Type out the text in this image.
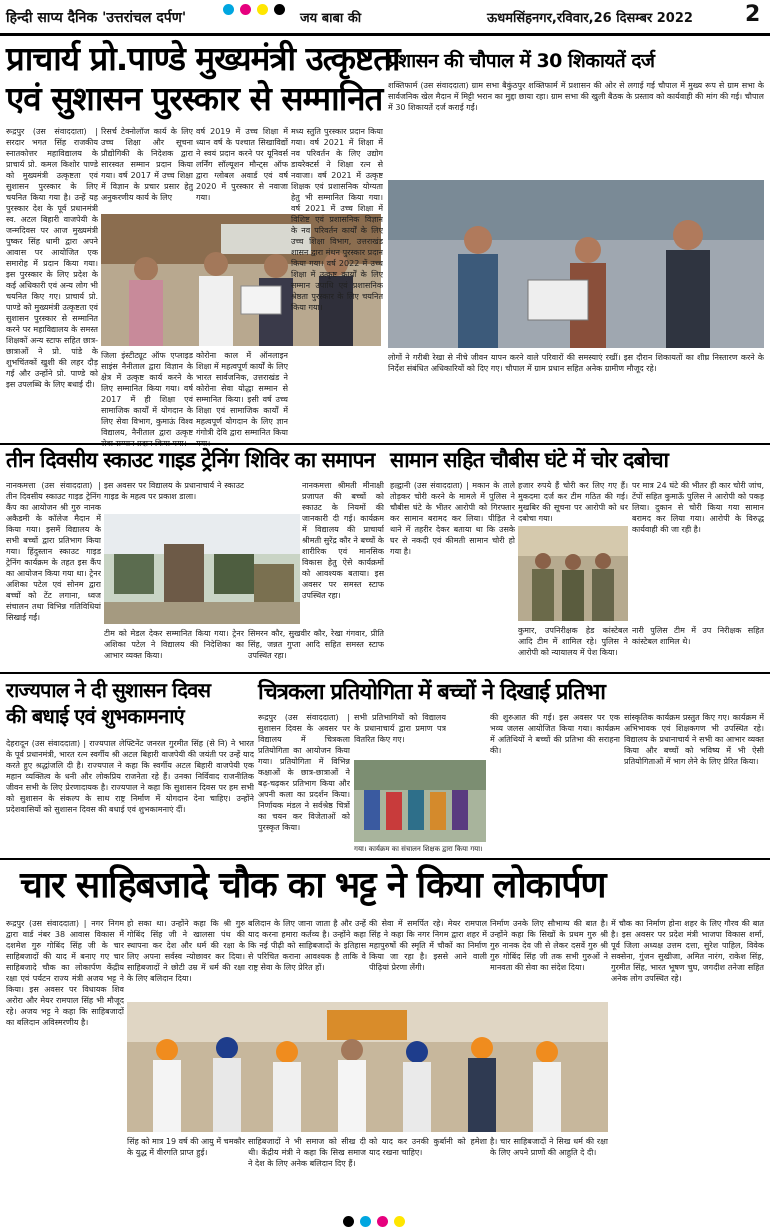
हिन्दी साप्य दैनिक 'उत्तरांचल दर्पण'	जय बाबा की	ऊधमसिंहनगर,रविवार,26 दिसम्बर 2022 2
प्राचार्य प्रो.पाण्डे मुख्यमंत्री उत्कृष्टता
एवं सुशासन पुरस्कार से सम्मानित
रूद्रपुर (उस संवाददाता) | सरदार भगत सिंह राजकीय स्नातकोत्तर महाविद्यालय के प्राचार्य प्रो. कमल किशोर पाण्डे को मुख्यमंत्री उत्कृष्टता एवं सुशासन पुरस्कार के लिए चयनित किया गया है। उन्हें यह पुरस्कार देश के पूर्व प्रधानमंत्री स्व. अटल बिहारी वाजपेयी के जन्मदिवस पर आज मुख्यमंत्री पुष्कर सिंह धामी द्वारा अपने आवास पर आयोजित एक समारोह में प्रदान किया गया। इस पुरस्कार के लिए प्रदेश के कई अधिकारी एवं अन्य लोग भी चयनित किए गए। प्राचार्य प्रो. पाण्डे को मुख्यमंत्री उत्कृष्टता एवं सुशासन पुरस्कार से सम्मानित करने पर महाविद्यालय के समस्त शिक्षकों अन्य स्टाफ सहित छात्र-छात्राओं ने प्रो. पांडे के शुभचिंतकों खुशी की लहर दौड़ गई और उन्होंने प्रो. पाण्डे को इस उपलब्धि के लिए बधाई दी।
रिसर्च टेक्नोलॉज कार्य के लिए उच्च शिक्षा और सूचना प्रौद्योगिकी के निदेशक द्वारा सारस्वत सम्मान प्रदान किया गया। वर्ष 2017 में उच्च शिक्षा में विज्ञान के प्रचार प्रसार हेतु अनुकरणीय कार्य के लिए
वर्ष 2019 में उच्च शिक्षा में ध्यान वर्ष के पश्चात सिखाविद्यों ने स्वयं प्रदान करने पर यूनिवर्स लर्निंग सॉल्यूशन मौन्ट्स ऑफ द्वारा ग्लोबल अवार्ड एवं वर्ष 2020 में पुरस्कार से नवाजा गया।
जिला इंस्टीट्यूट ऑफ एप्लाइड साइंस नैनीताल द्वारा विज्ञान के क्षेत्र में उत्कृष्ट कार्य करने के लिए सम्मानित किया गया। वर्ष 2017 में ही शिक्षा एवं सामाजिक कार्यों में योगदान के लिए सेवा विभाग, कुमाऊं विश्व विद्यालय, नैनीताल द्वारा उत्कृष्ट
कोरोना काल में ऑनलाइन शिक्षा में महत्वपूर्ण कार्यों के लिए भारत सार्वजनिक, उत्तराखंड ने कोरोना सेवा योद्धा सम्मान से सम्मानित किया। इसी वर्ष उच्च शिक्षा एवं सामाजिक कार्यों में महत्वपूर्ण योगदान के लिए ज्ञान गंगोत्री देवि द्वारा सम्मानित किया
मध्य स्तुति पुरस्कार प्रदान किया गया। वर्ष 2021 में शिक्षा में नव परिवर्तन के लिए उद्योग डायरेक्टर्स ने शिक्षा रत्न से नवाजा। वर्ष 2021 में उत्कृष्ट शिक्षक एवं प्रशासनिक योग्यता हेतु भी सम्मानित किया गया। वर्ष 2021 में उच्च शिक्षा में विशिष्ट एवं प्रशासनिक विज्ञान के नव परिवर्तन कार्यों के लिए उच्च शिक्षा विभाग, उत्तराखंड शासन द्वारा मंथन पुरस्कार प्रदान किया गया। वर्ष 2022 में उच्च शिक्षा में उत्कृष्ट कार्यों के लिए सम्मान उपाधि एवं प्रशासनिक श्रेष्ठता पुरस्कार के लिए चयनित किया गया।
प्रशासन की चौपाल में 30 शिकायतें दर्ज
शक्तिफार्म (उस संवाददाता) ग्राम सभा बैकुंठपुर शक्तिफार्म में प्रशासन की ओर से लगाई गई चौपाल में मुख्य रूप से ग्राम सभा के सार्वजनिक खेल मैदान में मिट्टी भरान का मुद्दा छाया रहा। ग्राम सभा की खुली बैठक के प्रस्ताव को कार्यवाही की मांग की गई। चौपाल में 30 शिकायतें दर्ज कराई गईं।
लोगों ने गरीबी रेखा से नीचे जीवन यापन करने वाले परिवारों की समस्याएं रखीं। इस दौरान शिकायतों का शीघ्र निस्तारण करने के निर्देश संबंधित अधिकारियों को दिए गए। चौपाल में ग्राम प्रधान सहित अनेक ग्रामीण मौजूद रहे।
तीन दिवसीय स्काउट गाइड ट्रेनिंग शिविर का समापन
नानकमत्ता (उस संवाददाता) | तीन दिवसीय स्काउट गाइड ट्रेनिंग कैंप का आयोजन श्री गुरु नानक अकैडमी के कॉलेज मैदान में किया गया। इसमें विद्यालय के सभी बच्चों द्वारा प्रतिभाग किया गया। हिंदुस्तान स्काउट गाइड ट्रेनिंग कार्यक्रम के तहत इस कैंप का आयोजन किया गया था। ट्रेनर अशिका पटेल एवं सोनम द्वारा बच्चों को टेंट लगाना, ध्वज संचालन तथा विभिन्न गतिविधियां सिखाई गईं।
इस अवसर पर विद्यालय के प्रधानाचार्य ने स्काउट गाइड के महत्व पर प्रकाश डाला।
टीम को मेडल देकर सम्मानित किया गया। ट्रेनर अशिका पटेल ने विद्यालय की निदेशिका का आभार व्यक्त किया।
नानकमत्ता श्रीमती मीनाक्षी प्रजापत की बच्चों को स्काउट के नियमों की जानकारी दी गई। कार्यक्रम में विद्यालय की प्राचार्या श्रीमती सुरेंद्र कौर ने बच्चों के शारीरिक एवं मानसिक विकास हेतु ऐसे कार्यक्रमों को आवश्यक बताया। इस अवसर पर समस्त स्टाफ उपस्थित रहा।
सिमरन कौर, सुखवीर कौर, रेखा गंगवार, प्रीति सिंह, जन्नत गुप्ता आदि सहित समस्त स्टाफ उपस्थित रहा।
सामान सहित चौबीस घंटे में चोर दबोचा
हल्द्वानी (उस संवाददाता) | मकान के ताले तोड़कर चोरी करने के मामले में पुलिस ने चौबीस घंटे के भीतर आरोपी को गिरफ्तार कर सामान बरामद कर लिया। पीड़ित ने थाने में तहरीर देकर बताया था कि उसके घर से नकदी एवं कीमती सामान चोरी हो गया है।
हजार रुपये हैं चोरी कर लिए गए हैं। मुकदमा दर्ज कर टीम गठित की गई। मुखबिर की सूचना पर आरोपी को धर दबोचा गया।
कुमार, उपनिरीक्षक हेड कांस्टेबल आदि टीम में शामिल रहे। पुलिस ने आरोपी को न्यायालय में पेश किया।
पर मात्र 24 घंटे की भीतर ही कार चोरी जांच, टेंपों सहित कुमाऊँ पुलिस ने आरोपी को पकड़ लिया। दुकान से चोरी किया गया सामान बरामद कर लिया गया। आरोपी के विरुद्ध कार्यवाही की जा रही है।
नारी पुलिस टीम में उप निरीक्षक सहित कांस्टेबल शामिल थे।
राज्यपाल ने दी सुशासन दिवस
की बधाई एवं शुभकामनाएं
देहरादून (उस संवाददाता) | राज्यपाल लेफ्टिनेंट जनरल गुरमीत सिंह (से नि) ने भारत के पूर्व प्रधानमंत्री, भारत रत्न स्वर्गीय श्री अटल बिहारी वाजपेयी की जयंती पर उन्हें याद करते हुए श्रद्धांजलि दी है। राज्यपाल ने कहा कि स्वर्गीय अटल बिहारी वाजपेयी एक महान व्यक्तित्व के धनी और लोकप्रिय राजनेता रहे हैं। उनका निर्विवाद राजनीतिक जीवन सभी के लिए प्रेरणादायक है। राज्यपाल ने कहा कि सुशासन दिवस पर हम सभी को सुशासन के संकल्प के साथ राष्ट्र निर्माण में योगदान देना चाहिए। उन्होंने प्रदेशवासियों को सुशासन दिवस की बधाई एवं शुभकामनाएं दीं।
चित्रकला प्रतियोगिता में बच्चों ने दिखाई प्रतिभा
रूद्रपुर (उस संवाददाता) | सुशासन दिवस के अवसर पर विद्यालय में चित्रकला प्रतियोगिता का आयोजन किया गया। प्रतियोगिता में विभिन्न कक्षाओं के छात्र-छात्राओं ने बढ़-चढ़कर प्रतिभाग किया और अपनी कला का प्रदर्शन किया। निर्णायक मंडल ने सर्वश्रेष्ठ चित्रों का चयन कर विजेताओं को पुरस्कृत किया।
सभी प्रतिभागियों को विद्यालय के प्रधानाचार्य द्वारा प्रमाण पत्र वितरित किए गए।
गया। कार्यक्रम का संचालन शिक्षक द्वारा किया गया।
की शुरुआत की गई। इस अवसर पर एक भव्य जलस आयोजित किया गया। कार्यक्रम में अतिथियों ने बच्चों की प्रतिभा की सराहना की।
सांस्कृतिक कार्यक्रम प्रस्तुत किए गए। कार्यक्रम में अभिभावक एवं शिक्षकगण भी उपस्थित रहे। विद्यालय के प्रधानाचार्य ने सभी का आभार व्यक्त किया और बच्चों को भविष्य में भी ऐसी प्रतियोगिताओं में भाग लेने के लिए प्रेरित किया।
चार साहिबजादे चौक का भट्ट ने किया लोकार्पण
रूद्रपुर (उस संवाददाता) | नगर निगम द्वारा वार्ड नंबर 38 आवास विकास में दशमेश गुरु गोबिंद सिंह जी के चार साहिबजादों की याद में बनाए गए चार साहिबजादे चौक का लोकार्पण केंद्रीय रक्षा एवं पर्यटन राज्य मंत्री अजय भट्ट ने किया। इस अवसर पर विधायक शिव अरोरा और मेयर रामपाल सिंह भी मौजूद रहे। अजय भट्ट ने कहा कि साहिबजादों का बलिदान अविस्मरणीय है।
हो सका था। उन्होंने कहा कि श्री गुरु गोबिंद सिंह जी ने खालसा पंथ की स्थापना कर देश और धर्म की रक्षा के लिए अपना सर्वस्व न्योछावर कर दिया। साहिबजादों ने छोटी उम्र में धर्म की रक्षा के लिए बलिदान दिया।
बलिदान के लिए जाना जाता है और उन्हें याद करना हमारा कर्तव्य है। उन्होंने कहा कि नई पीढ़ी को साहिबजादों के इतिहास से परिचित कराना आवश्यक है ताकि वे राष्ट्र सेवा के लिए प्रेरित हों।
की सेवा में समर्पित रहे। मेयर रामपाल सिंह ने कहा कि नगर निगम द्वारा शहर में महापुरुषों की स्मृति में चौकों का निर्माण किया जा रहा है। इससे आने वाली पीढ़ियां प्रेरणा लेंगी।
निर्माण उनके लिए सौभाग्य की बात है। उन्होंने कहा कि सिखों के प्रथम गुरु श्री गुरु नानक देव जी से लेकर दसवें गुरु श्री गुरु गोबिंद सिंह जी तक सभी गुरुओं ने मानवता की सेवा का संदेश दिया।
में चौक का निर्माण होना शहर के लिए गौरव की बात है। इस अवसर पर प्रदेश मंत्री भाजपा विकास शर्मा, पूर्व जिला अध्यक्ष उत्तम दत्ता, सुरेश पाहिल, विवेक सक्सेना, गुंजन सुखीजा, अमित नारंग, राकेश सिंह, गुरमीत सिंह, भारत भूषण चुघ, जगदीश तनेजा सहित अनेक लोग उपस्थित रहे।
सिंह को मात्र 19 वर्ष की आयु में चमकौर के युद्ध में वीरगति प्राप्त हुई।
साहिबजादों ने भी समाज को सीख दी थी। केंद्रीय मंत्री ने कहा कि सिख समाज ने देश के लिए अनेक बलिदान दिए हैं।
को याद कर उनकी कुर्बानी को हमेशा याद रखना चाहिए।
है। चार साहिबजादों ने सिख धर्म की रक्षा के लिए अपने प्राणों की आहुति दे दी।
